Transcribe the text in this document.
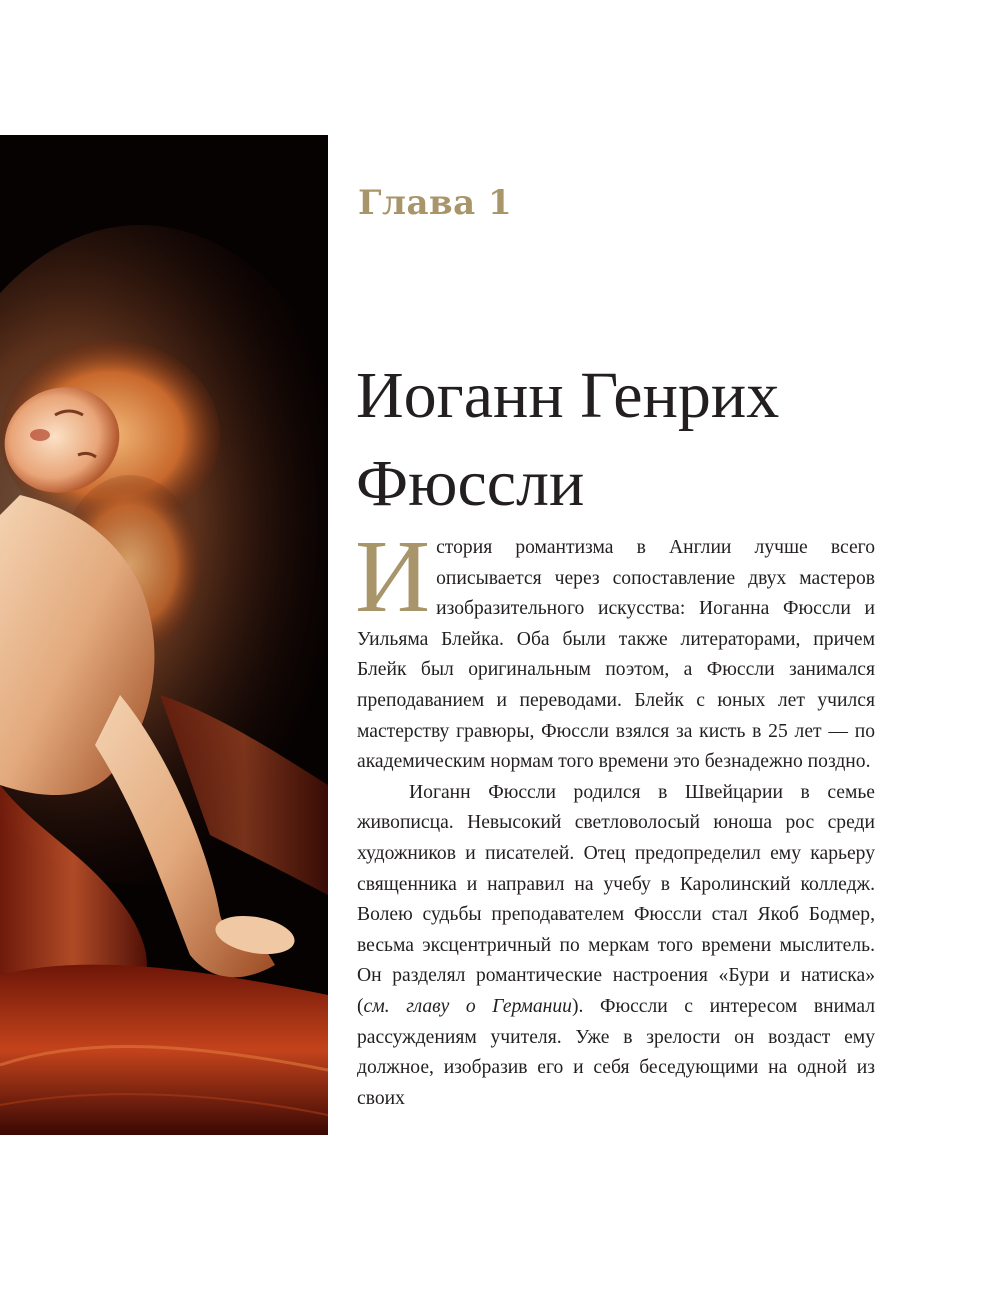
Глава 1
Иоганн Генрих Фюссли

История романтизма в Англии лучше всего описывается через сопоставление двух мастеров изобразительного искусства: Иоганна Фюссли и Уильяма Блейка. Оба были также литераторами, причем Блейк был оригинальным поэтом, а Фюссли занимался преподаванием и переводами. Блейк с юных лет учился мастерству гравюры, Фюссли взялся за кисть в 25 лет — по академическим нормам того времени это безнадежно поздно.

Иоганн Фюссли родился в Швейцарии в семье живописца. Невысокий светловолосый юноша рос среди художников и писателей. Отец предопределил ему карьеру священника и направил на учебу в Каролинский колледж. Волею судьбы преподавателем Фюссли стал Якоб Бодмер, весьма эксцентричный по меркам того времени мыслитель. Он разделял романтические настроения «Бури и натиска» (см. главу о Германии). Фюссли с интересом внимал рассуждениям учителя. Уже в зрелости он воздаст ему должное, изобразив его и себя беседующими на одной из своих
